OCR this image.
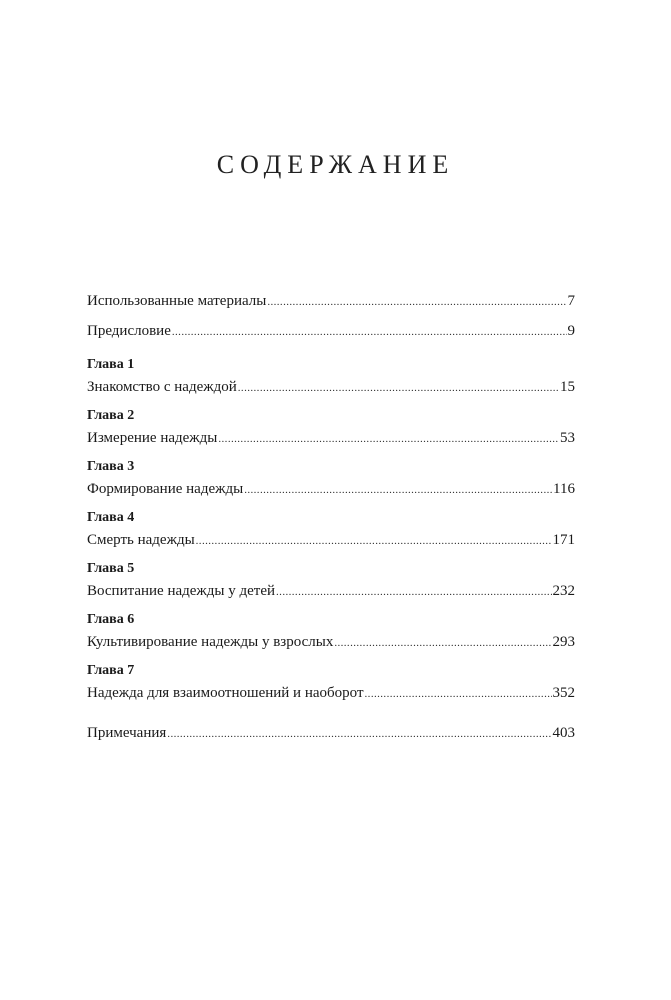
СОДЕРЖАНИЕ
Использованные материалы .....	7
Предисловие .....	9
Глава 1
Знакомство с надеждой .....	15
Глава 2
Измерение надежды .....	53
Глава 3
Формирование надежды .....	116
Глава 4
Смерть надежды .....	171
Глава 5
Воспитание надежды у детей .....	232
Глава 6
Культивирование надежды у взрослых .....	293
Глава 7
Надежда для взаимоотношений и наоборот .....	352
Примечания .....	403
